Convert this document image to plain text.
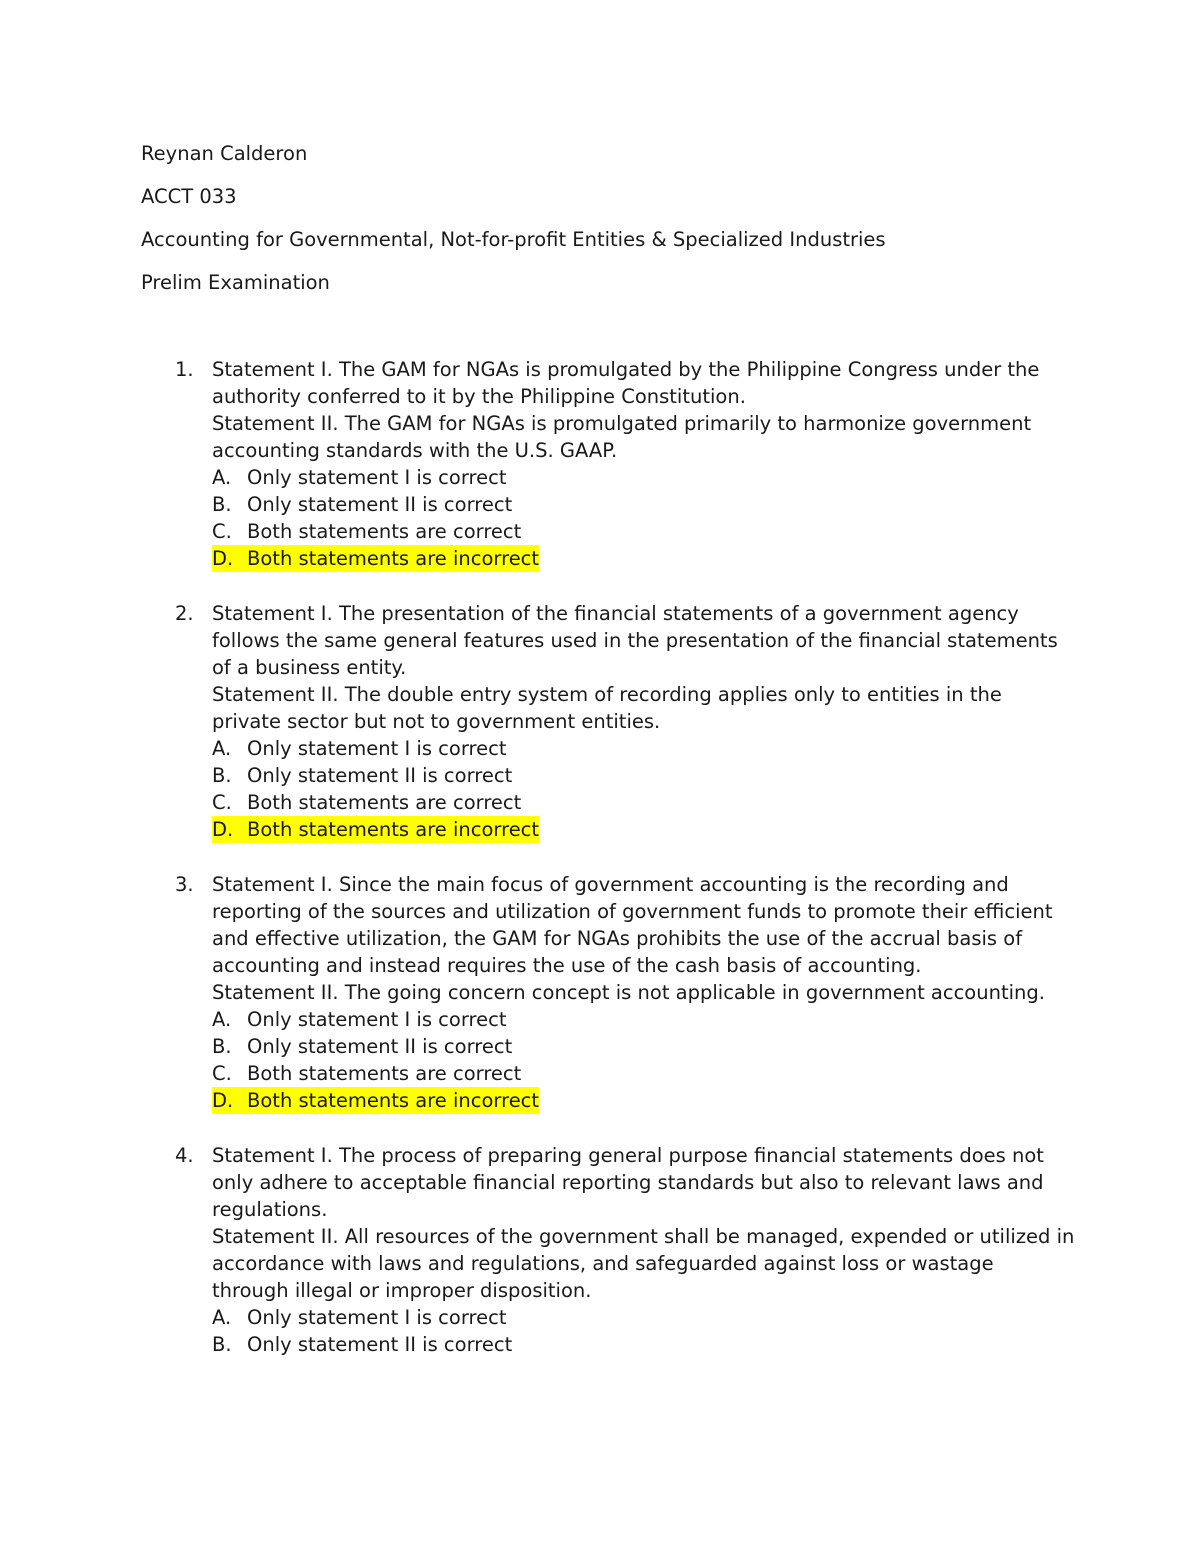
Reynan Calderon
ACCT 033
Accounting for Governmental, Not-for-profit Entities & Specialized Industries
Prelim Examination
1. Statement I. The GAM for NGAs is promulgated by the Philippine Congress under the authority conferred to it by the Philippine Constitution.
Statement II. The GAM for NGAs is promulgated primarily to harmonize government accounting standards with the U.S. GAAP.
A. Only statement I is correct
B. Only statement II is correct
C. Both statements are correct
D. Both statements are incorrect
2. Statement I. The presentation of the financial statements of a government agency follows the same general features used in the presentation of the financial statements of a business entity.
Statement II. The double entry system of recording applies only to entities in the private sector but not to government entities.
A. Only statement I is correct
B. Only statement II is correct
C. Both statements are correct
D. Both statements are incorrect
3. Statement I. Since the main focus of government accounting is the recording and reporting of the sources and utilization of government funds to promote their efficient and effective utilization, the GAM for NGAs prohibits the use of the accrual basis of accounting and instead requires the use of the cash basis of accounting.
Statement II. The going concern concept is not applicable in government accounting.
A. Only statement I is correct
B. Only statement II is correct
C. Both statements are correct
D. Both statements are incorrect
4. Statement I. The process of preparing general purpose financial statements does not only adhere to acceptable financial reporting standards but also to relevant laws and regulations.
Statement II. All resources of the government shall be managed, expended or utilized in accordance with laws and regulations, and safeguarded against loss or wastage through illegal or improper disposition.
A. Only statement I is correct
B. Only statement II is correct
